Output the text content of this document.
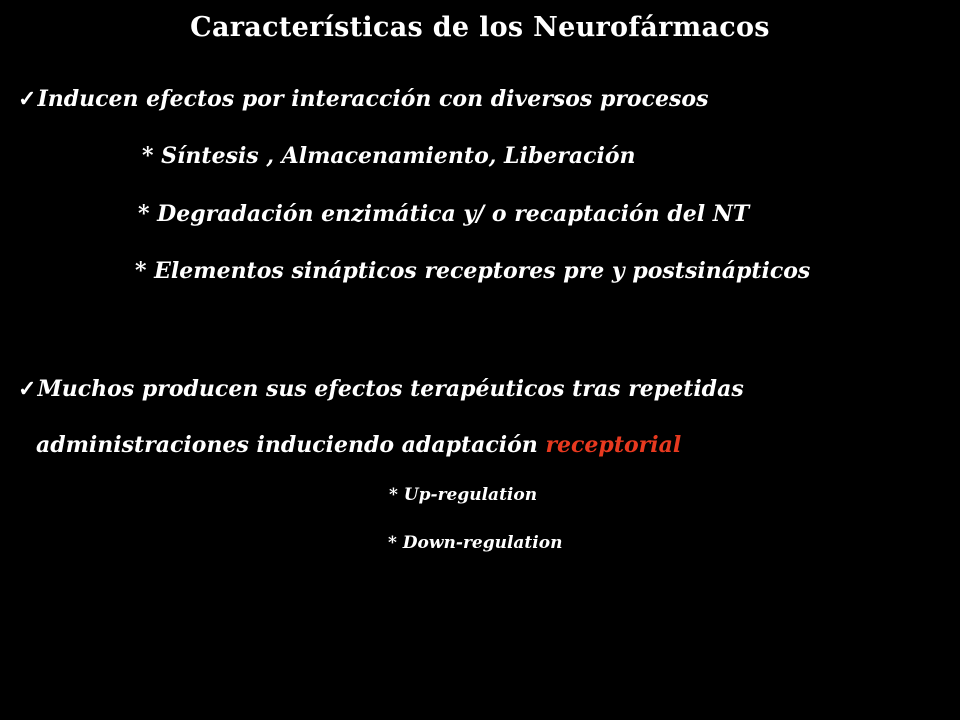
Características de los Neurofármacos
✓Inducen efectos por interacción con diversos procesos
* Síntesis , Almacenamiento, Liberación
* Degradación enzimática y/ o recaptación del NT
* Elementos sinápticos receptores pre y postsinápticos
✓Muchos producen sus efectos terapéuticos tras repetidas
administraciones induciendo adaptación receptorial
* Up-regulation
* Down-regulation
